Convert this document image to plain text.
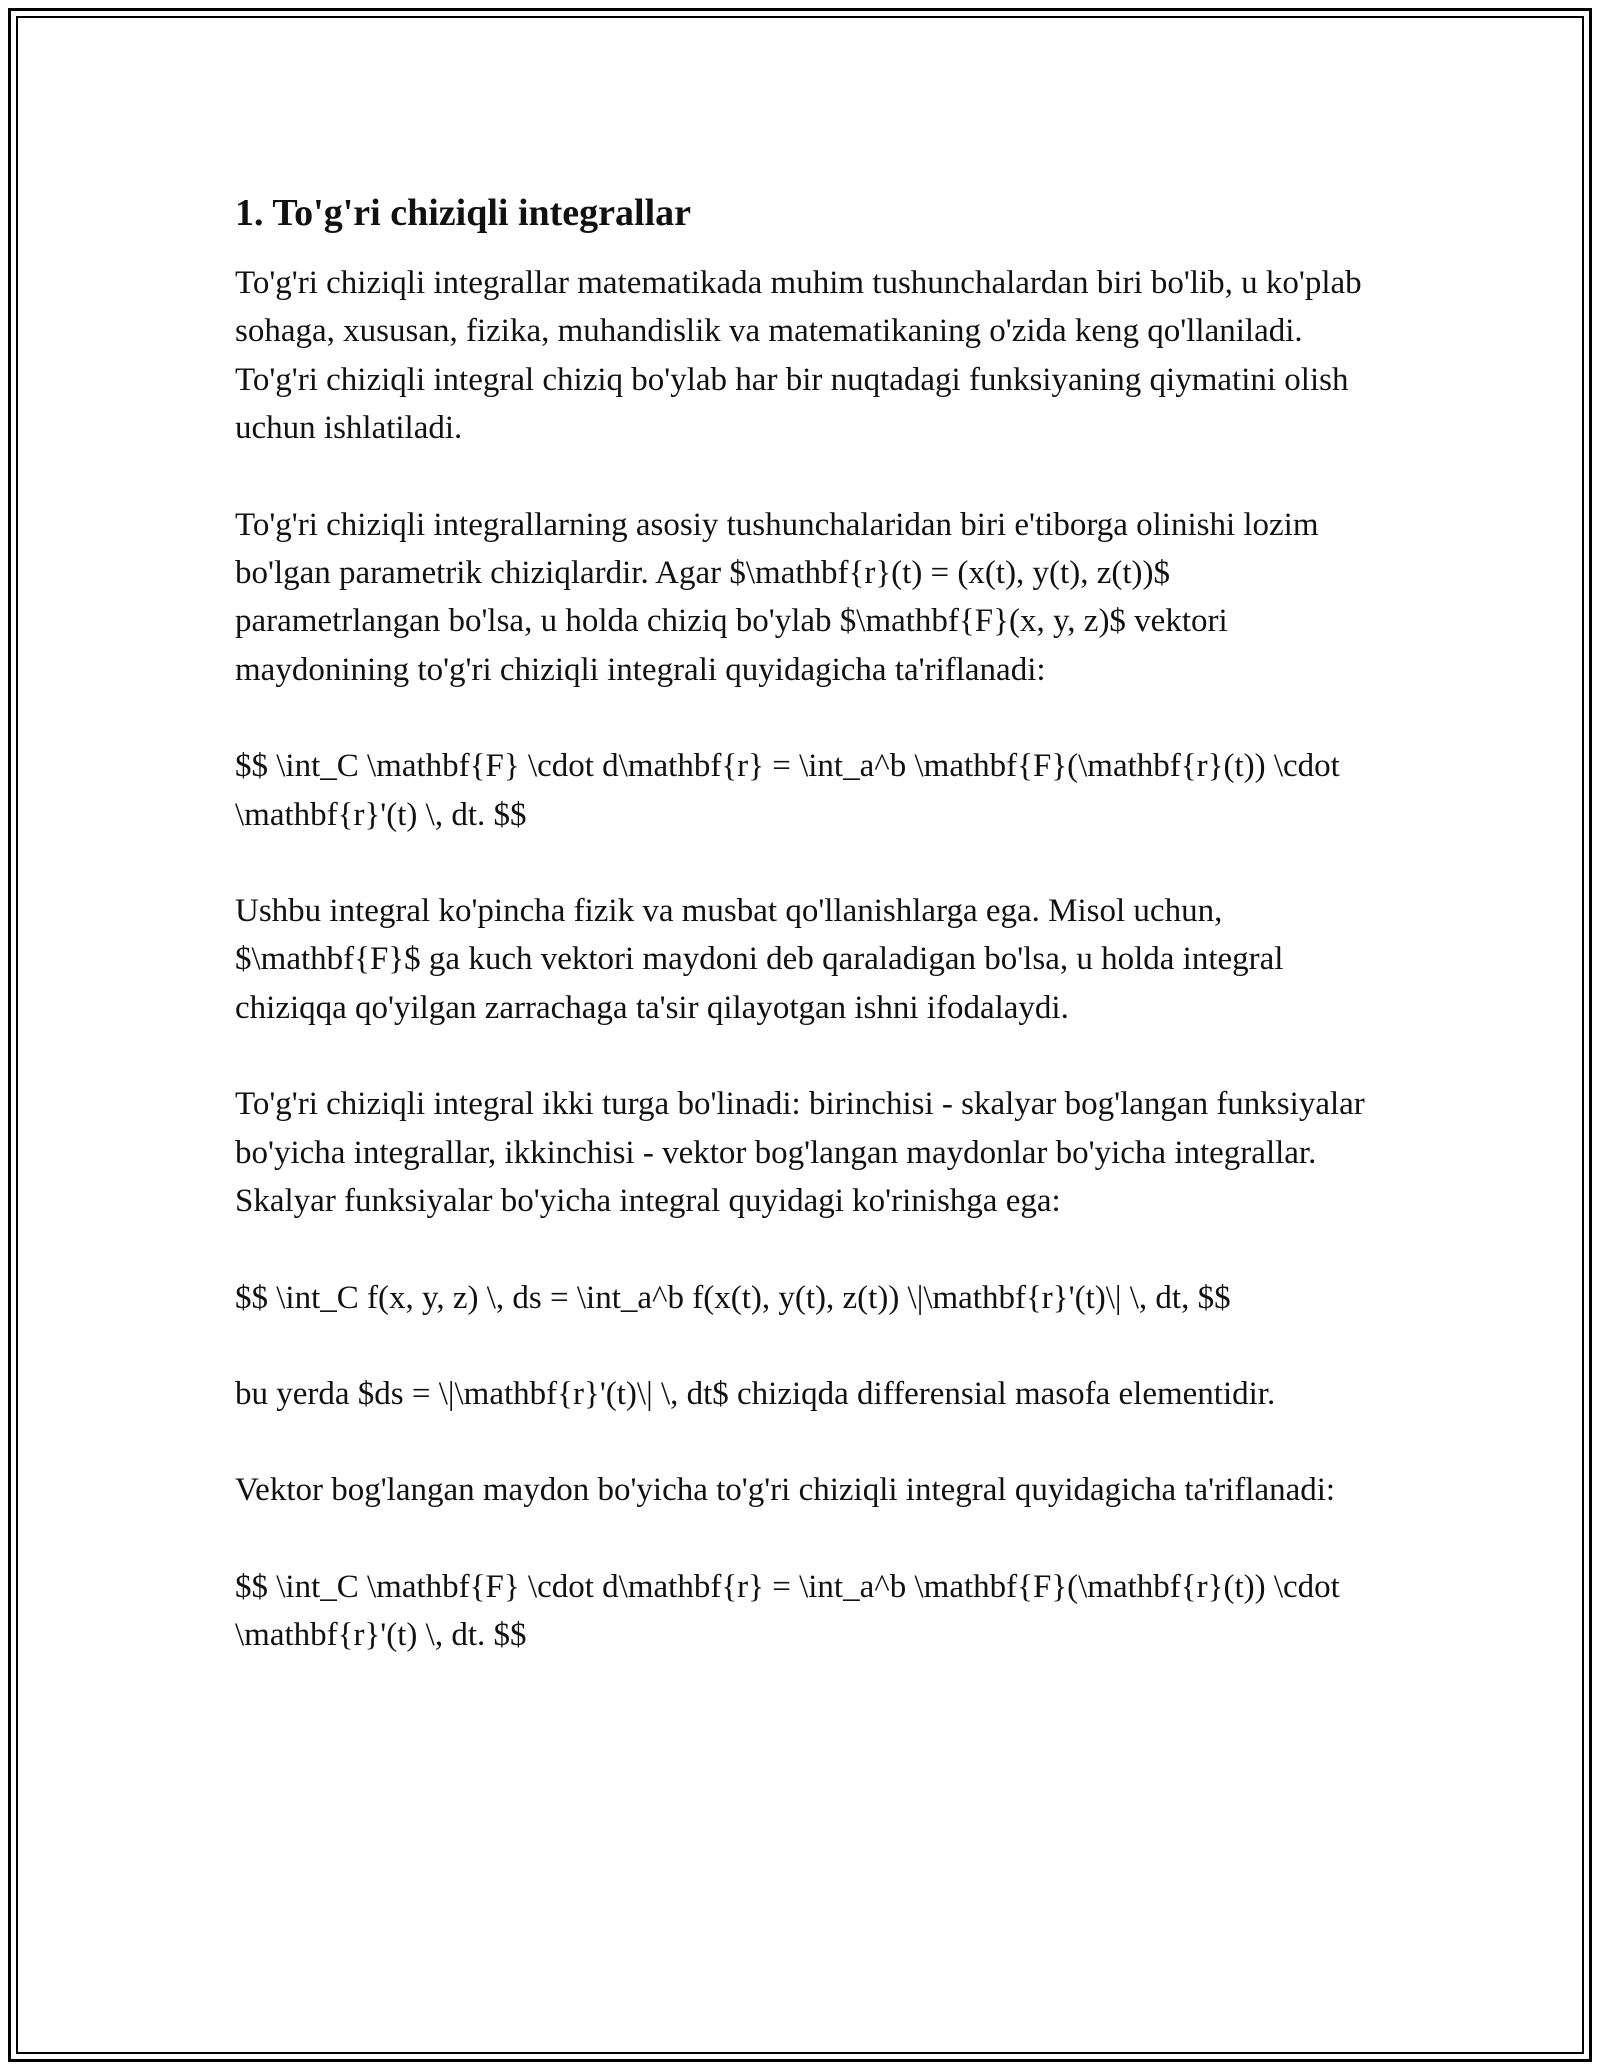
1. To'g'ri chiziqli integrallar

To'g'ri chiziqli integrallar matematikada muhim tushunchalardan biri bo'lib, u ko'plab sohaga, xususan, fizika, muhandislik va matematikaning o'zida keng qo'llaniladi. To'g'ri chiziqli integral chiziq bo'ylab har bir nuqtadagi funksiyaning qiymatini olish uchun ishlatiladi.

To'g'ri chiziqli integrallarning asosiy tushunchalaridan biri e'tiborga olinishi lozim bo'lgan parametrik chiziqlardir. Agar $\mathbf{r}(t) = (x(t), y(t), z(t))$ parametrlangan bo'lsa, u holda chiziq bo'ylab $\mathbf{F}(x, y, z)$ vektori maydonining to'g'ri chiziqli integrali quyidagicha ta'riflanadi:

$$ \int_C \mathbf{F} \cdot d\mathbf{r} = \int_a^b \mathbf{F}(\mathbf{r}(t)) \cdot \mathbf{r}'(t) \, dt. $$

Ushbu integral ko'pincha fizik va musbat qo'llanishlarga ega. Misol uchun, $\mathbf{F}$ ga kuch vektori maydoni deb qaraladigan bo'lsa, u holda integral chiziqqa qo'yilgan zarrachaga ta'sir qilayotgan ishni ifodalaydi.

To'g'ri chiziqli integral ikki turga bo'linadi: birinchisi - skalyar bog'langan funksiyalar bo'yicha integrallar, ikkinchisi - vektor bog'langan maydonlar bo'yicha integrallar. Skalyar funksiyalar bo'yicha integral quyidagi ko'rinishga ega:

$$ \int_C f(x, y, z) \, ds = \int_a^b f(x(t), y(t), z(t)) \|\mathbf{r}'(t)\| \, dt, $$

bu yerda $ds = \|\mathbf{r}'(t)\| \, dt$ chiziqda differensial masofa elementidir.

Vektor bog'langan maydon bo'yicha to'g'ri chiziqli integral quyidagicha ta'riflanadi:

$$ \int_C \mathbf{F} \cdot d\mathbf{r} = \int_a^b \mathbf{F}(\mathbf{r}(t)) \cdot \mathbf{r}'(t) \, dt. $$
